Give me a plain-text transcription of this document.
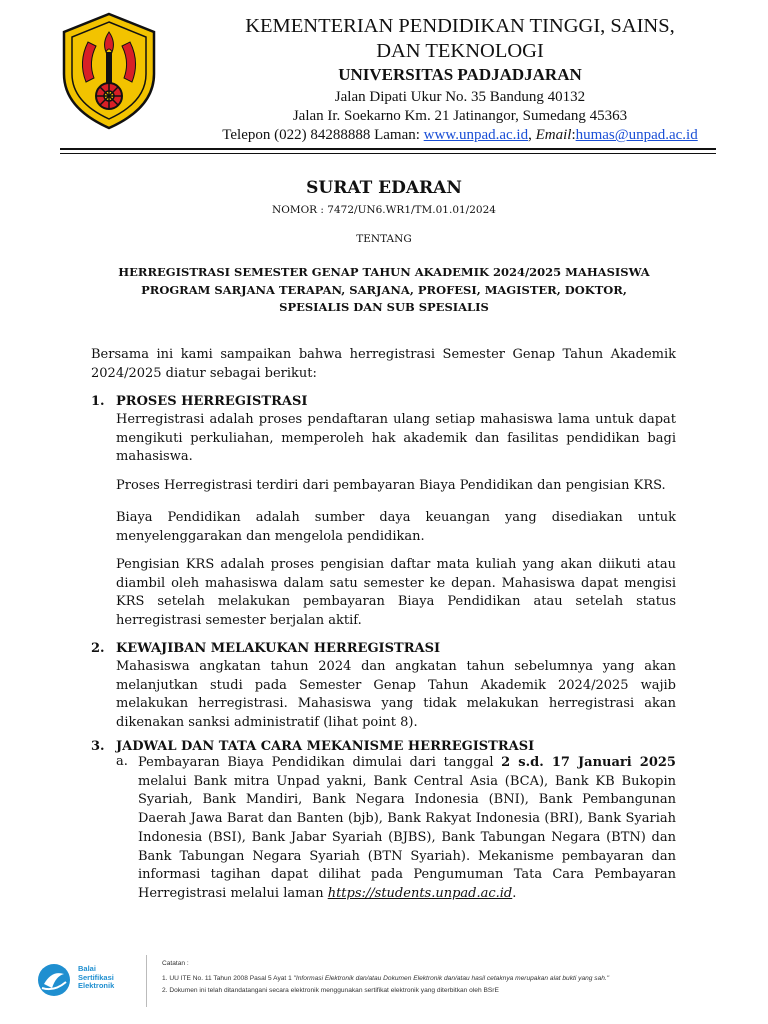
KEMENTERIAN PENDIDIKAN TINGGI, SAINS,
DAN TEKNOLOGI
UNIVERSITAS PADJADJARAN
Jalan Dipati Ukur No. 35 Bandung 40132
Jalan Ir. Soekarno Km. 21 Jatinangor, Sumedang 45363
Telepon (022) 84288888 Laman: www.unpad.ac.id, Email:humas@unpad.ac.id
SURAT EDARAN
NOMOR : 7472/UN6.WR1/TM.01.01/2024
TENTANG
HERREGISTRASI SEMESTER GENAP TAHUN AKADEMIK 2024/2025 MAHASISWA
PROGRAM SARJANA TERAPAN, SARJANA, PROFESI, MAGISTER, DOKTOR,
SPESIALIS DAN SUB SPESIALIS
Bersama ini kami sampaikan bahwa herregistrasi Semester Genap Tahun Akademik 2024/2025 diatur sebagai berikut:
1. PROSES HERREGISTRASI
Herregistrasi adalah proses pendaftaran ulang setiap mahasiswa lama untuk dapat mengikuti perkuliahan, memperoleh hak akademik dan fasilitas pendidikan bagi mahasiswa.
Proses Herregistrasi terdiri dari pembayaran Biaya Pendidikan dan pengisian KRS.
Biaya Pendidikan adalah sumber daya keuangan yang disediakan untuk menyelenggarakan dan mengelola pendidikan.
Pengisian KRS adalah proses pengisian daftar mata kuliah yang akan diikuti atau diambil oleh mahasiswa dalam satu semester ke depan. Mahasiswa dapat mengisi KRS setelah melakukan pembayaran Biaya Pendidikan atau setelah status herregistrasi semester berjalan aktif.
2. KEWAJIBAN MELAKUKAN HERREGISTRASI
Mahasiswa angkatan tahun 2024 dan angkatan tahun sebelumnya yang akan melanjutkan studi pada Semester Genap Tahun Akademik 2024/2025 wajib melakukan herregistrasi. Mahasiswa yang tidak melakukan herregistrasi akan dikenakan sanksi administratif (lihat point 8).
3. JADWAL DAN TATA CARA MEKANISME HERREGISTRASI
a. Pembayaran Biaya Pendidikan dimulai dari tanggal 2 s.d. 17 Januari 2025 melalui Bank mitra Unpad yakni, Bank Central Asia (BCA), Bank KB Bukopin Syariah, Bank Mandiri, Bank Negara Indonesia (BNI), Bank Pembangunan Daerah Jawa Barat dan Banten (bjb), Bank Rakyat Indonesia (BRI), Bank Syariah Indonesia (BSI), Bank Jabar Syariah (BJBS), Bank Tabungan Negara (BTN) dan Bank Tabungan Negara Syariah (BTN Syariah). Mekanisme pembayaran dan informasi tagihan dapat dilihat pada Pengumuman Tata Cara Pembayaran Herregistrasi melalui laman https://students.unpad.ac.id.
Balai
Sertifikasi
Elektronik
Catatan :
1. UU ITE No. 11 Tahun 2008 Pasal 5 Ayat 1 "Informasi Elektronik dan/atau Dokumen Elektronik dan/atau hasil cetaknya merupakan alat bukti yang sah."
2. Dokumen ini telah ditandatangani secara elektronik menggunakan sertifikat elektronik yang diterbitkan oleh BSrE
